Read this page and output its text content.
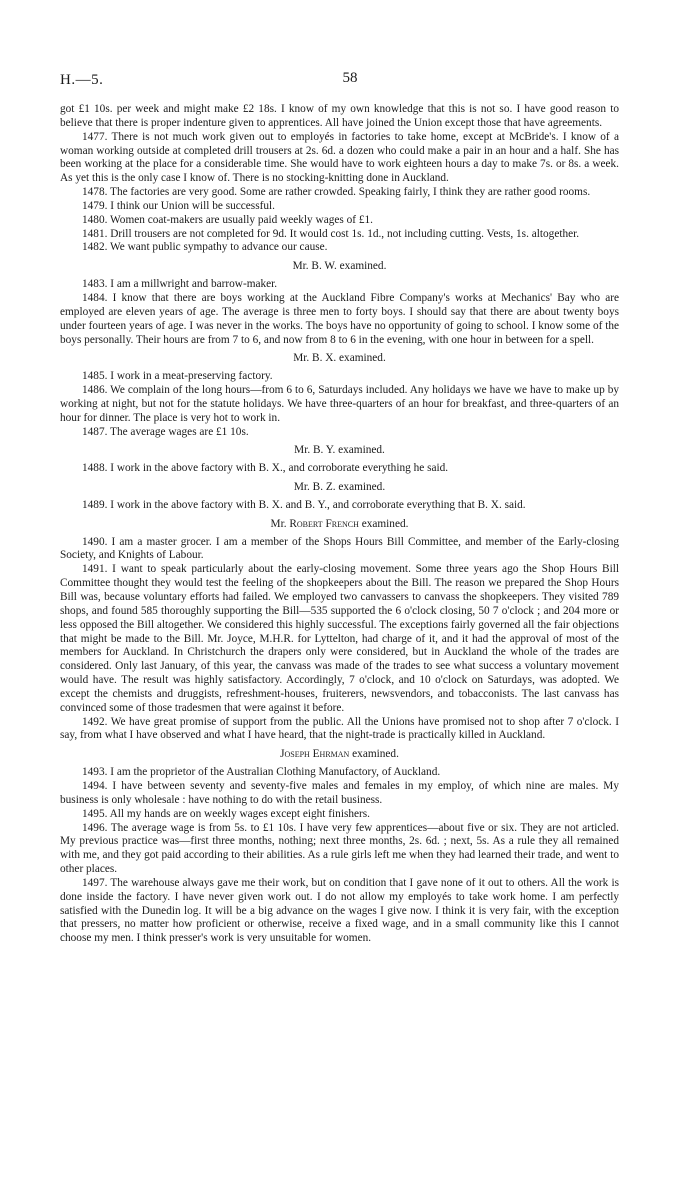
H.—5.	58

got £1 10s. per week and might make £2 18s. I know of my own knowledge that this is not so. I have good reason to believe that there is proper indenture given to apprentices. All have joined the Union except those that have agreements.

1477. There is not much work given out to employés in factories to take home, except at McBride's. I know of a woman working outside at completed drill trousers at 2s. 6d. a dozen who could make a pair in an hour and a half. She has been working at the place for a considerable time. She would have to work eighteen hours a day to make 7s. or 8s. a week. As yet this is the only case I know of. There is no stocking-knitting done in Auckland.

1478. The factories are very good. Some are rather crowded. Speaking fairly, I think they are rather good rooms.

1479. I think our Union will be successful.

1480. Women coat-makers are usually paid weekly wages of £1.

1481. Drill trousers are not completed for 9d. It would cost 1s. 1d., not including cutting. Vests, 1s. altogether.

1482. We want public sympathy to advance our cause.

Mr. B. W. examined.

1483. I am a millwright and barrow-maker.

1484. I know that there are boys working at the Auckland Fibre Company's works at Mechanics' Bay who are employed are eleven years of age. The average is three men to forty boys. I should say that there are about twenty boys under fourteen years of age. I was never in the works. The boys have no opportunity of going to school. I know some of the boys personally. Their hours are from 7 to 6, and now from 8 to 6 in the evening, with one hour in between for a spell.

Mr. B. X. examined.

1485. I work in a meat-preserving factory.

1486. We complain of the long hours—from 6 to 6, Saturdays included. Any holidays we have we have to make up by working at night, but not for the statute holidays. We have three-quarters of an hour for breakfast, and three-quarters of an hour for dinner. The place is very hot to work in.

1487. The average wages are £1 10s.

Mr. B. Y. examined.

1488. I work in the above factory with B. X., and corroborate everything he said.

Mr. B. Z. examined.

1489. I work in the above factory with B. X. and B. Y., and corroborate everything that B. X. said.

Mr. Robert French examined.

1490. I am a master grocer. I am a member of the Shops Hours Bill Committee, and member of the Early-closing Society, and Knights of Labour.

1491. I want to speak particularly about the early-closing movement. Some three years ago the Shop Hours Bill Committee thought they would test the feeling of the shopkeepers about the Bill. The reason we prepared the Shop Hours Bill was, because voluntary efforts had failed. We employed two canvassers to canvass the shopkeepers. They visited 789 shops, and found 585 thoroughly supporting the Bill—535 supported the 6 o'clock closing, 50 7 o'clock ; and 204 more or less opposed the Bill altogether. We considered this highly successful. The exceptions fairly governed all the fair objections that might be made to the Bill. Mr. Joyce, M.H.R. for Lyttelton, had charge of it, and it had the approval of most of the members for Auckland. In Christchurch the drapers only were considered, but in Auckland the whole of the trades are considered. Only last January, of this year, the canvass was made of the trades to see what success a voluntary movement would have. The result was highly satisfactory. Accordingly, 7 o'clock, and 10 o'clock on Saturdays, was adopted. We except the chemists and druggists, refreshment-houses, fruiterers, newsvendors, and tobacconists. The last canvass has convinced some of those tradesmen that were against it before.

1492. We have great promise of support from the public. All the Unions have promised not to shop after 7 o'clock. I say, from what I have observed and what I have heard, that the night-trade is practically killed in Auckland.

Joseph Ehrman examined.

1493. I am the proprietor of the Australian Clothing Manufactory, of Auckland.

1494. I have between seventy and seventy-five males and females in my employ, of which nine are males. My business is only wholesale : have nothing to do with the retail business.

1495. All my hands are on weekly wages except eight finishers.

1496. The average wage is from 5s. to £1 10s. I have very few apprentices—about five or six. They are not articled. My previous practice was—first three months, nothing; next three months, 2s. 6d. ; next, 5s. As a rule they all remained with me, and they got paid according to their abilities. As a rule girls left me when they had learned their trade, and went to other places.

1497. The warehouse always gave me their work, but on condition that I gave none of it out to others. All the work is done inside the factory. I have never given work out. I do not allow my employés to take work home. I am perfectly satisfied with the Dunedin log. It will be a big advance on the wages I give now. I think it is very fair, with the exception that pressers, no matter how proficient or otherwise, receive a fixed wage, and in a small community like this I cannot choose my men. I think presser's work is very unsuitable for women.
